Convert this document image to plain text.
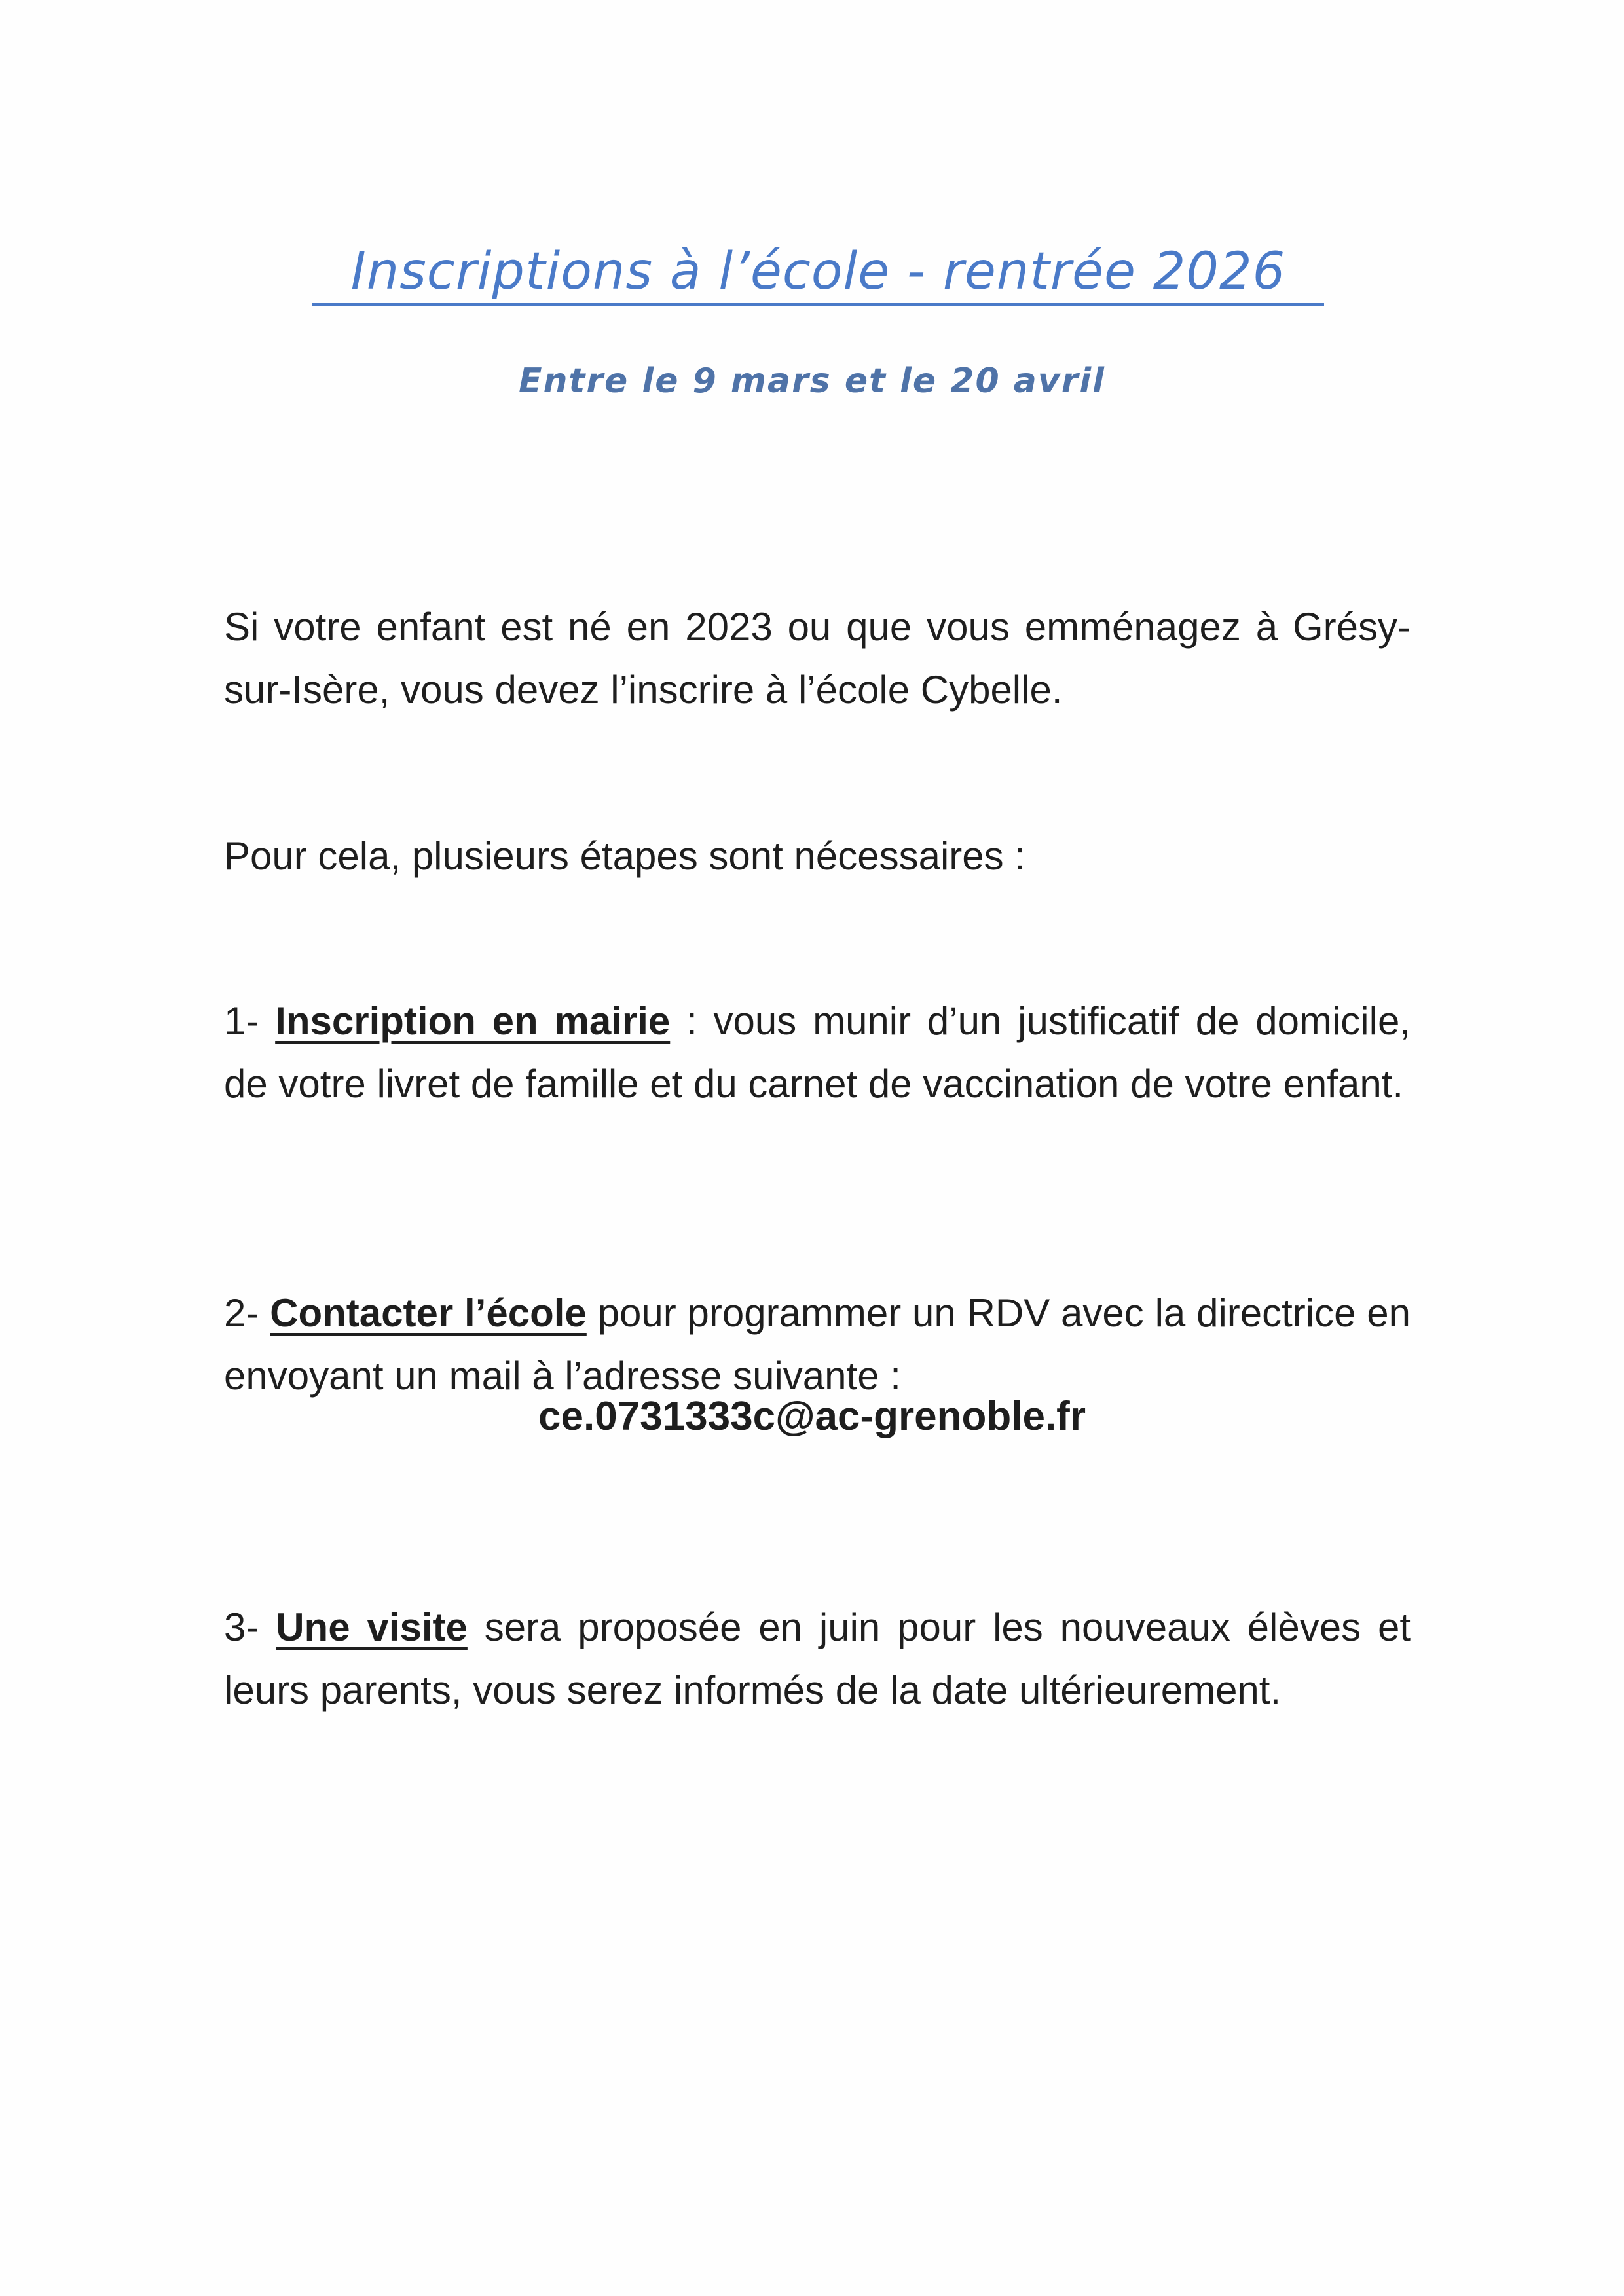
Inscriptions à l’école - rentrée 2026
Entre le 9 mars et le 20 avril

Si votre enfant est né en 2023 ou que vous emménagez à Grésy-sur-Isère, vous devez l’inscrire à l’école Cybelle.

Pour cela, plusieurs étapes sont nécessaires :

1- Inscription en mairie : vous munir d’un justificatif de domicile, de votre livret de famille et du carnet de vaccination de votre enfant.

2- Contacter l’école pour programmer un RDV avec la directrice en envoyant un mail à l’adresse suivante :

ce.0731333c@ac-grenoble.fr

3- Une visite sera proposée en juin pour les nouveaux élèves et leurs parents, vous serez informés de la date ultérieurement.
